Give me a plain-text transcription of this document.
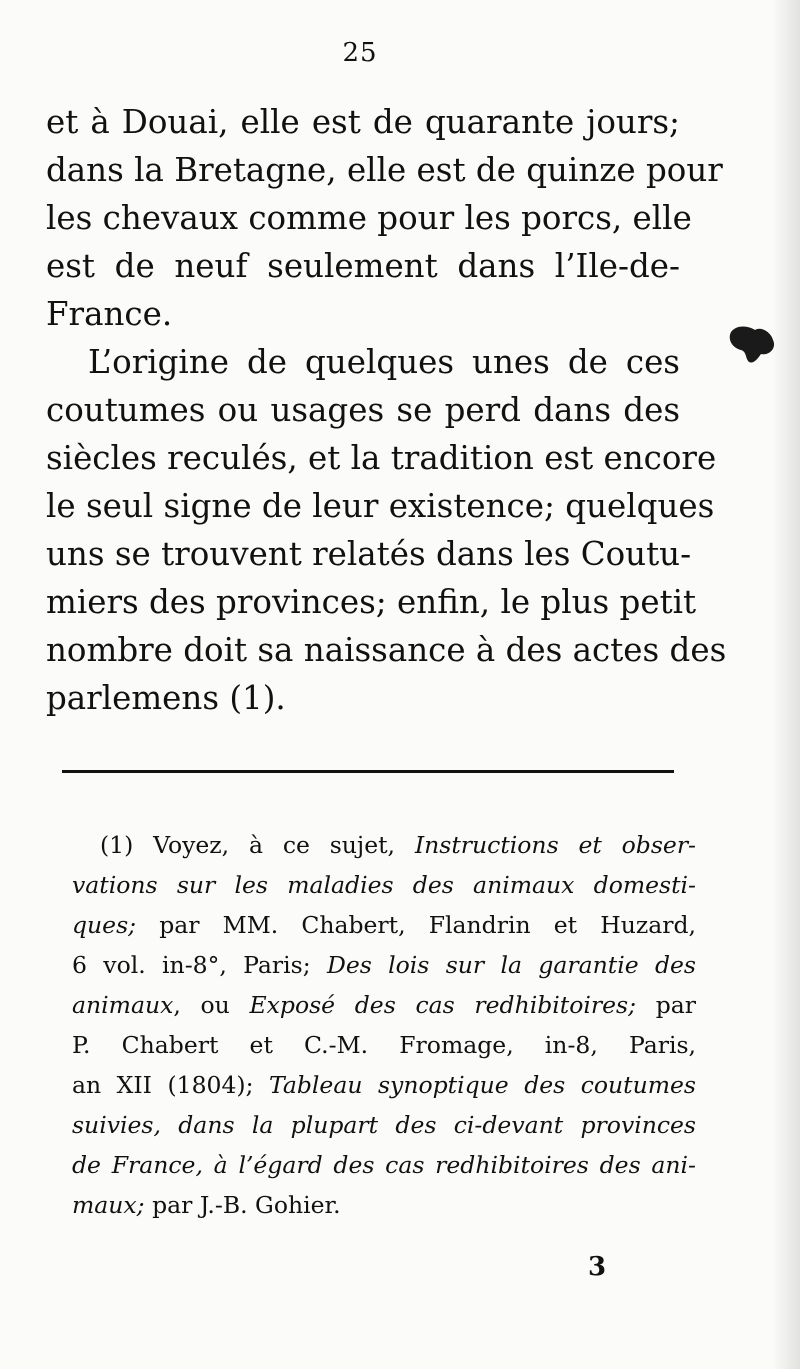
25
et à Douai, elle est de quarante jours;
dans la Bretagne, elle est de quinze pour
les chevaux comme pour les porcs, elle
est de neuf seulement dans l’Ile-de-
France.
L’origine de quelques unes de ces
coutumes ou usages se perd dans des
siècles reculés, et la tradition est encore
le seul signe de leur existence; quelques
uns se trouvent relatés dans les Coutu-
miers des provinces; enfin, le plus petit
nombre doit sa naissance à des actes des
parlemens (1).
(1) Voyez, à ce sujet, Instructions et obser-
vations sur les maladies des animaux domesti-
ques; par MM. Chabert, Flandrin et Huzard,
6 vol. in-8°, Paris; Des lois sur la garantie des
animaux, ou Exposé des cas redhibitoires; par
P. Chabert et C.-M. Fromage, in-8, Paris,
an XII (1804); Tableau synoptique des coutumes
suivies, dans la plupart des ci-devant provinces
de France, à l’égard des cas redhibitoires des ani-
maux; par J.-B. Gohier.
3
